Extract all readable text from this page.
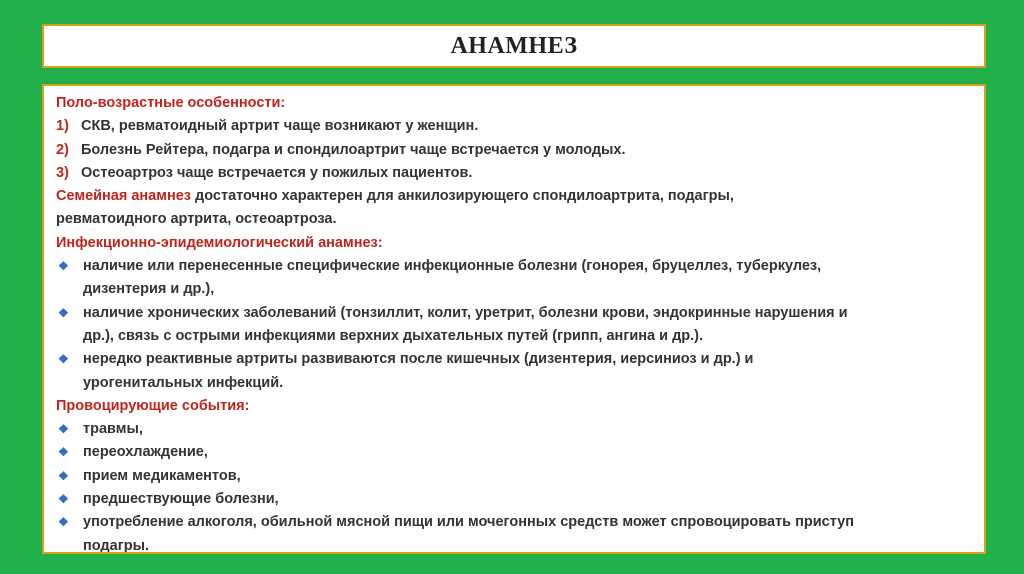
АНАМНЕЗ
Поло-возрастные особенности:
1) СКВ, ревматоидный артрит чаще возникают у женщин.
2) Болезнь Рейтера, подагра и спондилоартрит чаще встречается у молодых.
3) Остеоартроз чаще встречается у пожилых пациентов.
Семейная анамнез достаточно характерен для анкилозирующего спондилоартрита, подагры,
ревматоидного артрита, остеоартроза.
Инфекционно-эпидемиологический анамнез:
❖ наличие или перенесенные специфические инфекционные болезни (гонорея, бруцеллез, туберкулез,
дизентерия и др.),
❖ наличие хронических заболеваний (тонзиллит, колит, уретрит, болезни крови, эндокринные нарушения и
др.), связь с острыми инфекциями верхних дыхательных путей (грипп, ангина и др.).
❖ нередко реактивные артриты развиваются после кишечных (дизентерия, иерсиниоз и др.) и
урогенитальных инфекций.
Провоцирующие события:
❖ травмы,
❖ переохлаждение,
❖ прием медикаментов,
❖ предшествующие болезни,
❖ употребление алкоголя, обильной мясной пищи или мочегонных средств может спровоцировать приступ
подагры.
